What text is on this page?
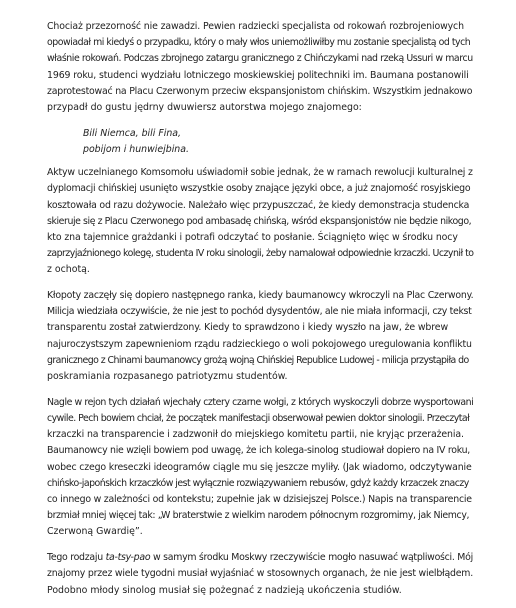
Chociaż przezorność nie zawadzi. Pewien radziecki specjalista od rokowań rozbrojeniowych
opowiadał mi kiedyś o przypadku, który o mały włos uniemożliwiłby mu zostanie specjalistą od tych
właśnie rokowań. Podczas zbrojnego zatargu granicznego z Chińczykami nad rzeką Ussuri w marcu
1969 roku, studenci wydziału lotniczego moskiewskiej politechniki im. Baumana postanowili
zaprotestować na Placu Czerwonym przeciw ekspansjonistom chińskim. Wszystkim jednakowo
przypadł do gustu jędrny dwuwiersz autorstwa mojego znajomego:

Bili Niemca, bili Fina,
pobijom i hunwiejbina.

Aktyw uczelnianego Komsomołu uświadomił sobie jednak, że w ramach rewolucji kulturalnej z
dyplomacji chińskiej usunięto wszystkie osoby znające języki obce, a już znajomość rosyjskiego
kosztowała od razu dożywocie. Należało więc przypuszczać, że kiedy demonstracja studencka
skieruje się z Placu Czerwonego pod ambasadę chińską, wśród ekspansjonistów nie będzie nikogo,
kto zna tajemnice grażdanki i potrafi odczytać to posłanie. Ściągnięto więc w środku nocy
zaprzyjaźnionego kolegę, studenta IV roku sinologii, żeby namalował odpowiednie krzaczki. Uczynił to
z ochotą.

Kłopoty zaczęły się dopiero następnego ranka, kiedy baumanowcy wkroczyli na Plac Czerwony.
Milicja wiedziała oczywiście, że nie jest to pochód dysydentów, ale nie miała informacji, czy tekst
transparentu został zatwierdzony. Kiedy to sprawdzono i kiedy wyszło na jaw, że wbrew
najuroczystszym zapewnieniom rządu radzieckiego o woli pokojowego uregulowania konfliktu
granicznego z Chinami baumanowcy grożą wojną Chińskiej Republice Ludowej - milicja przystąpiła do
poskramiania rozpasanego patriotyzmu studentów.

Nagle w rejon tych działań wjechały cztery czarne wołgi, z których wyskoczyli dobrze wysportowani
cywile. Pech bowiem chciał, że początek manifestacji obserwował pewien doktor sinologii. Przeczytał
krzaczki na transparencie i zadzwonił do miejskiego komitetu partii, nie kryjąc przerażenia.
Baumanowcy nie wzięli bowiem pod uwagę, że ich kolega-sinolog studiował dopiero na IV roku,
wobec czego kreseczki ideogramów ciągle mu się jeszcze myliły. (Jak wiadomo, odczytywanie
chińsko-japońskich krzaczków jest wyłącznie rozwiązywaniem rebusów, gdyż każdy krzaczek znaczy
co innego w zależności od kontekstu; zupełnie jak w dzisiejszej Polsce.) Napis na transparencie
brzmiał mniej więcej tak: „W braterstwie z wielkim narodem północnym rozgromimy, jak Niemcy,
Czerwoną Gwardię”.

Tego rodzaju ta-tsy-pao w samym środku Moskwy rzeczywiście mogło nasuwać wątpliwości. Mój
znajomy przez wiele tygodni musiał wyjaśniać w stosownych organach, że nie jest wielbłądem.
Podobno młody sinolog musiał się pożegnać z nadzieją ukończenia studiów.
